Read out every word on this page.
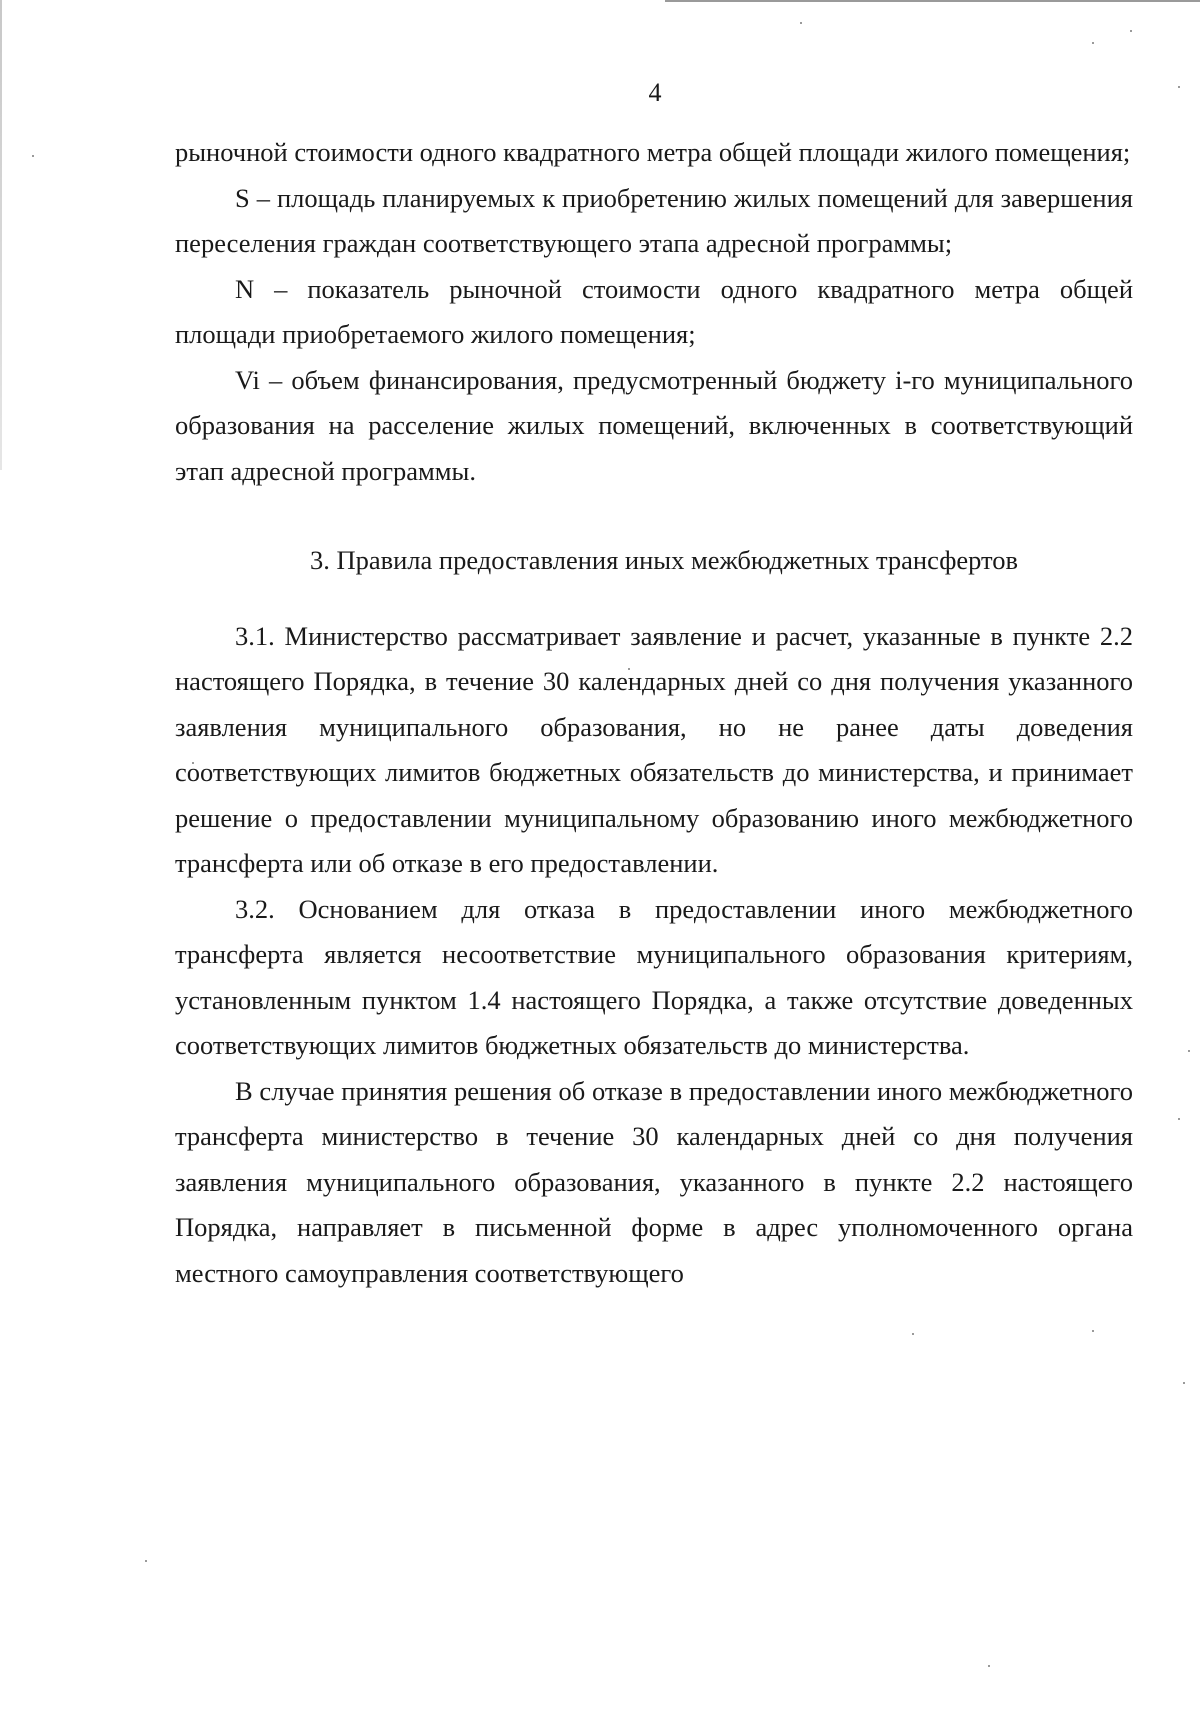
4

рыночной стоимости одного квадратного метра общей площади жилого помещения;

S – площадь планируемых к приобретению жилых помещений для завершения переселения граждан соответствующего этапа адресной программы;

N – показатель рыночной стоимости одного квадратного метра общей площади приобретаемого жилого помещения;

Vi – объем финансирования, предусмотренный бюджету i-го муниципального образования на расселение жилых помещений, включенных в соответствующий этап адресной программы.

3. Правила предоставления иных межбюджетных трансфертов

3.1. Министерство рассматривает заявление и расчет, указанные в пункте 2.2 настоящего Порядка, в течение 30 календарных дней со дня получения указанного заявления муниципального образования, но не ранее даты доведения соответствующих лимитов бюджетных обязательств до министерства, и принимает решение о предоставлении муниципальному образованию иного межбюджетного трансферта или об отказе в его предоставлении.

3.2. Основанием для отказа в предоставлении иного межбюджетного трансферта является несоответствие муниципального образования критериям, установленным пунктом 1.4 настоящего Порядка, а также отсутствие доведенных соответствующих лимитов бюджетных обязательств до министерства.

В случае принятия решения об отказе в предоставлении иного межбюджетного трансферта министерство в течение 30 календарных дней со дня получения заявления муниципального образования, указанного в пункте 2.2 настоящего Порядка, направляет в письменной форме в адрес уполномоченного органа местного самоуправления соответствующего
